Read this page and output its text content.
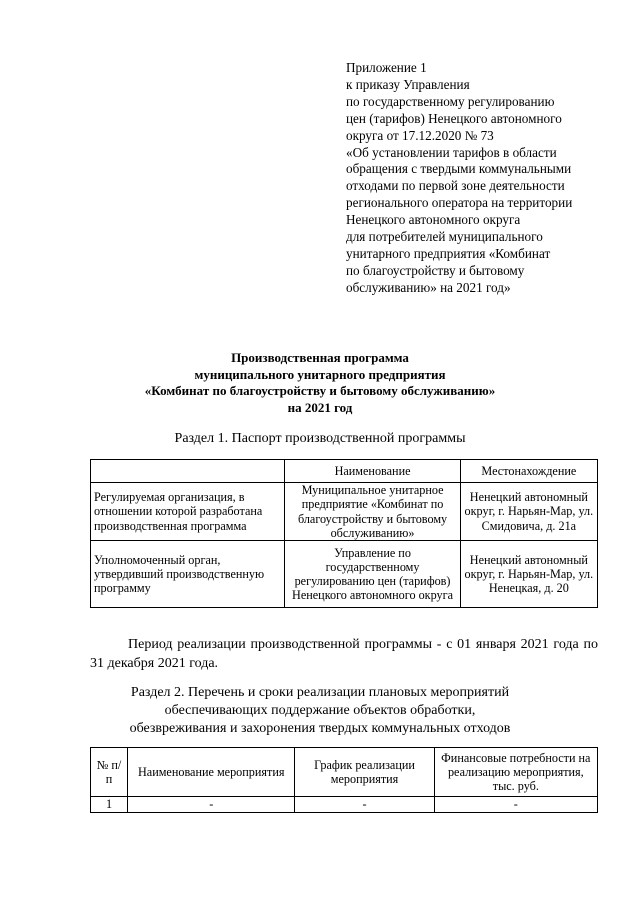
Приложение 1
к приказу Управления
по государственному регулированию
цен (тарифов) Ненецкого автономного
округа от 17.12.2020 № 73
«Об установлении тарифов в области
обращения с твердыми коммунальными
отходами по первой зоне деятельности
регионального оператора на территории
Ненецкого автономного округа
для потребителей муниципального
унитарного предприятия «Комбинат
по благоустройству и бытовому
обслуживанию» на 2021 год»
Производственная программа
муниципального унитарного предприятия
«Комбинат по благоустройству и бытовому обслуживанию»
на 2021 год
Раздел 1. Паспорт производственной программы
	Наименование	Местонахождение
Регулируемая организация, в отношении которой разработана производственная программа	Муниципальное унитарное предприятие «Комбинат по благоустройству и бытовому обслуживанию»	Ненецкий автономный округ, г. Нарьян-Мар, ул. Смидовича, д. 21а
Уполномоченный орган, утвердивший производственную программу	Управление по государственному регулированию цен (тарифов) Ненецкого автономного округа	Ненецкий автономный округ, г. Нарьян-Мар, ул. Ненецкая, д. 20
Период реализации производственной программы - с 01 января 2021 года по 31 декабря 2021 года.
Раздел 2. Перечень и сроки реализации плановых мероприятий
обеспечивающих поддержание объектов обработки,
обезвреживания и захоронения твердых коммунальных отходов
№ п/п	Наименование мероприятия	График реализации мероприятия	Финансовые потребности на реализацию мероприятия, тыс. руб.
1	-	-	-
